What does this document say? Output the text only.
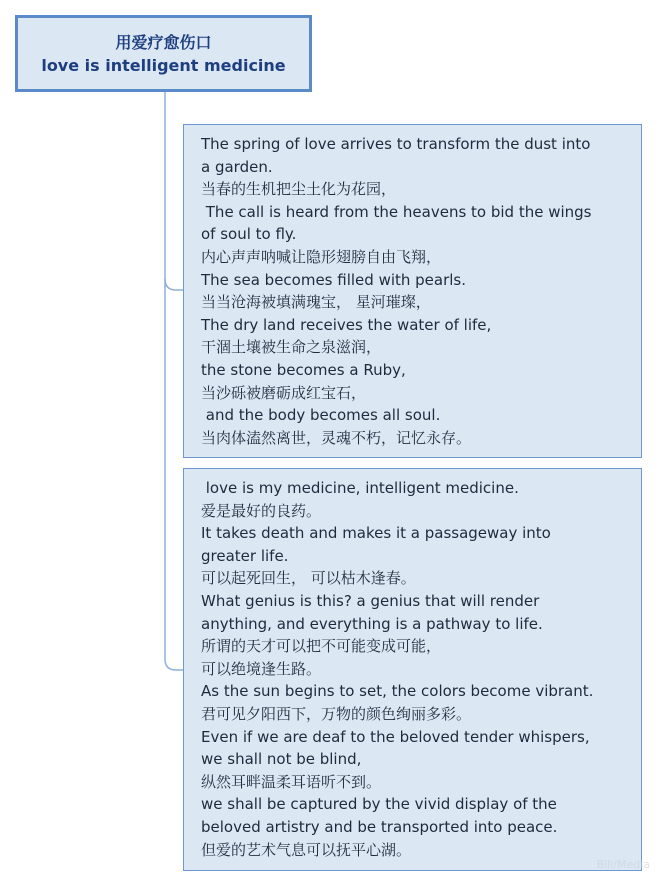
用爱疗愈伤口
love is intelligent medicine
The spring of love arrives to transform the dust into
a garden.
当春的生机把尘土化为花园，
The call is heard from the heavens to bid the wings
of soul to fly.
内心声声呐喊让隐形翅膀自由飞翔，
The sea becomes filled with pearls.
当当沧海被填满瑰宝， 星河璀璨，
The dry land receives the water of life,
干涸土壤被生命之泉滋润，
the stone becomes a Ruby,
当沙砾被磨砺成红宝石，
and the body becomes all soul.
当肉体溘然离世，灵魂不朽，记忆永存。
love is my medicine, intelligent medicine.
爱是最好的良药。
It takes death and makes it a passageway into
greater life.
可以起死回生， 可以枯木逢春。
What genius is this? a genius that will render
anything, and everything is a pathway to life.
所谓的天才可以把不可能变成可能，
可以绝境逢生路。
As the sun begins to set, the colors become vibrant.
君可见夕阳西下，万物的颜色绚丽多彩。
Even if we are deaf to the beloved tender whispers,
we shall not be blind,
纵然耳畔温柔耳语听不到。
we shall be captured by the vivid display of the
beloved artistry and be transported into peace.
但爱的艺术气息可以抚平心湖。
Bili/Media
